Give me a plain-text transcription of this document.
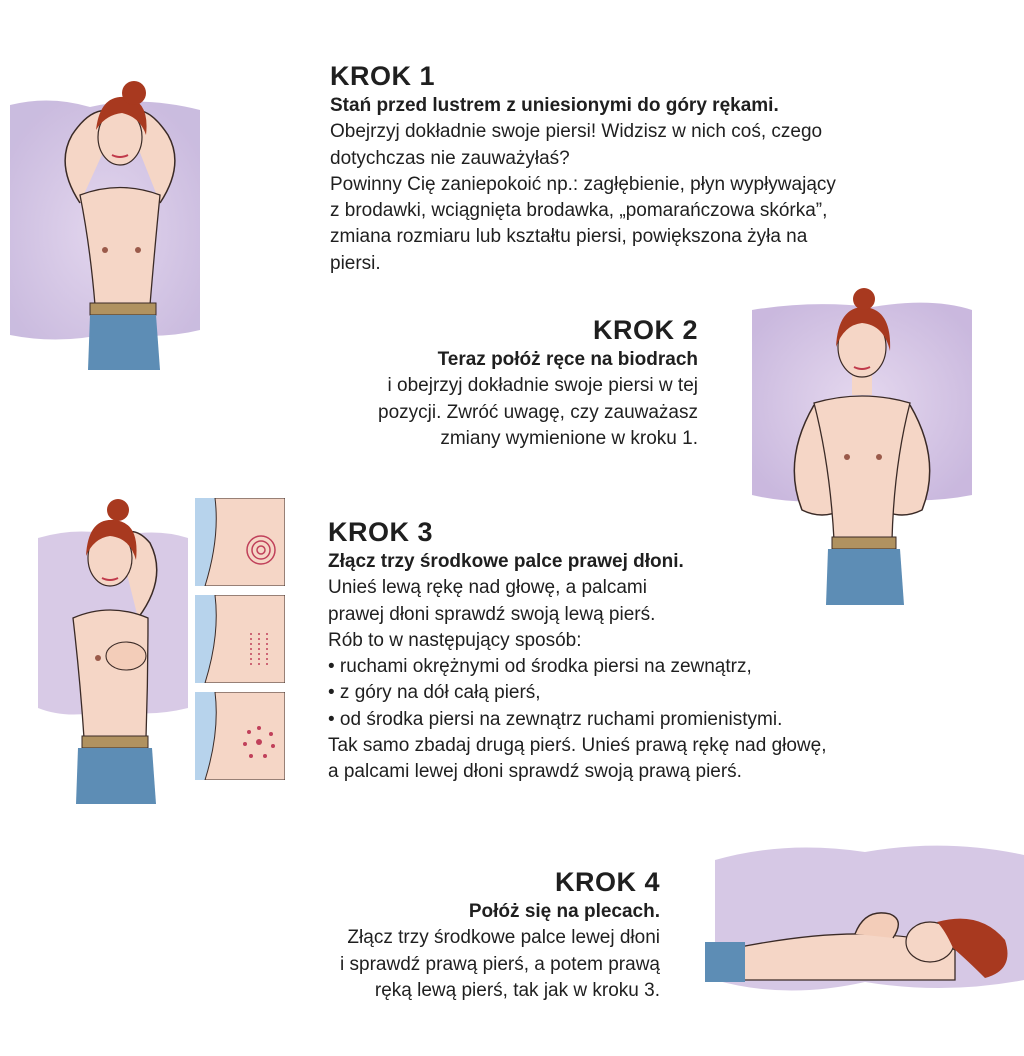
KROK 1
Stań przed lustrem z uniesionymi do góry rękami.

Obejrzyj dokładnie swoje piersi! Widzisz w nich coś, czego
dotychczas nie zauważyłaś?
Powinny Cię zaniepokoić np.: zagłębienie, płyn wypływający
z brodawki, wciągnięta brodawka, „pomarańczowa skórka”,
zmiana rozmiaru lub kształtu piersi, powiększona żyła na
piersi.

KROK 2
Teraz połóż ręce na biodrach

i obejrzyj dokładnie swoje piersi w tej
pozycji. Zwróć uwagę, czy zauważasz
zmiany wymienione w kroku 1.

KROK 3
Złącz trzy środkowe palce prawej dłoni.

Unieś lewą rękę nad głowę, a palcami
prawej dłoni sprawdź swoją lewą pierś.
Rób to w następujący sposób:
• ruchami okrężnymi od środka piersi na zewnątrz,
• z góry na dół całą pierś,
• od środka piersi na zewnątrz ruchami promienistymi.
Tak samo zbadaj drugą pierś. Unieś prawą rękę nad głowę,
a palcami lewej dłoni sprawdź swoją prawą pierś.

KROK 4
Połóż się na plecach.

Złącz trzy środkowe palce lewej dłoni
i sprawdź prawą pierś, a potem prawą
ręką lewą pierś, tak jak w kroku 3.
